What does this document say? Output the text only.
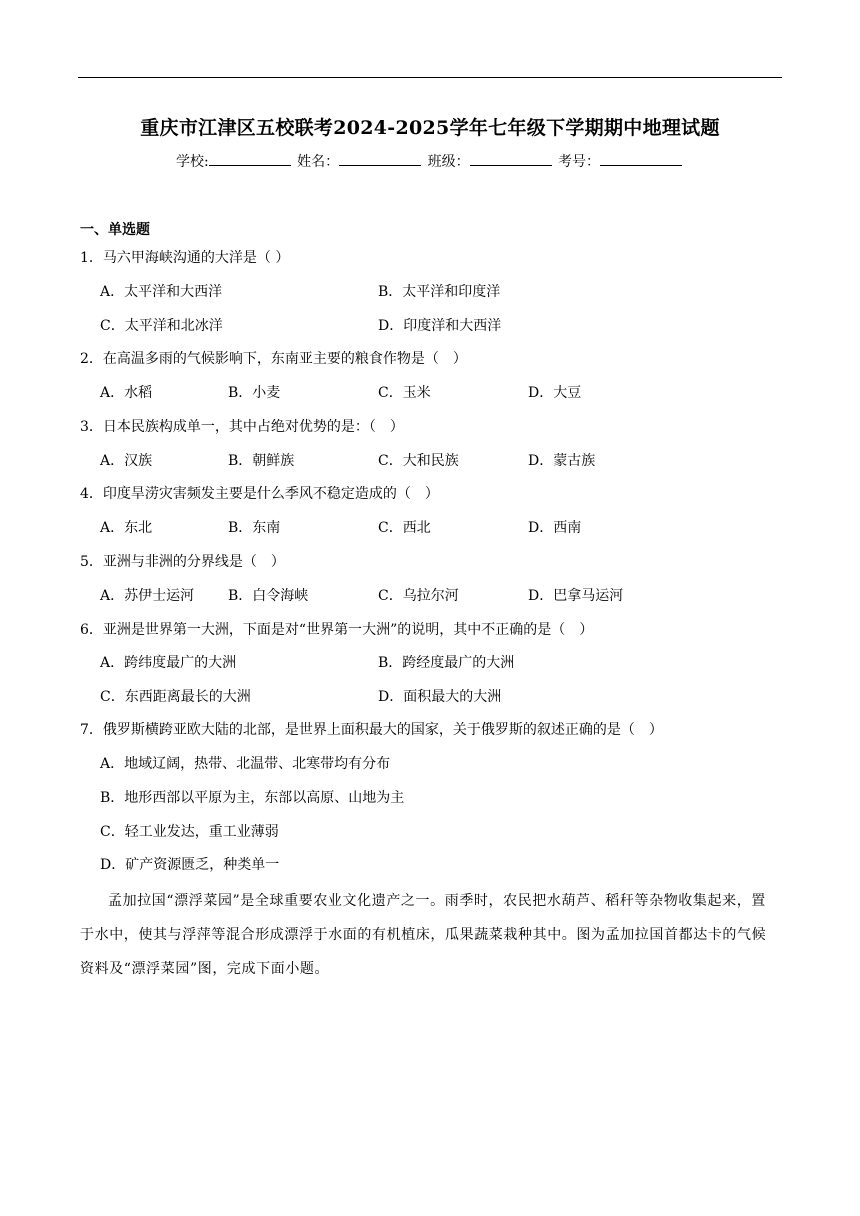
重庆市江津区五校联考2024-2025学年七年级下学期期中地理试题
学校:	姓名：	班级：	考号：
一、单选题
1．马六甲海峡沟通的大洋是（ ）
A．太平洋和大西洋	B．太平洋和印度洋
C．太平洋和北冰洋	D．印度洋和大西洋
2．在高温多雨的气候影响下，东南亚主要的粮食作物是（　）
A．水稻	B．小麦	C．玉米	D．大豆
3．日本民族构成单一，其中占绝对优势的是：（　）
A．汉族	B．朝鲜族	C．大和民族	D．蒙古族
4．印度旱涝灾害频发主要是什么季风不稳定造成的（　）
A．东北	B．东南	C．西北	D．西南
5．亚洲与非洲的分界线是（　）
A．苏伊士运河 B．白令海峡	C．乌拉尔河	D．巴拿马运河
6．亚洲是世界第一大洲，下面是对“世界第一大洲”的说明，其中不正确的是（　）
A．跨纬度最广的大洲	B．跨经度最广的大洲
C．东西距离最长的大洲	D．面积最大的大洲
7．俄罗斯横跨亚欧大陆的北部，是世界上面积最大的国家，关于俄罗斯的叙述正确的是（　）
A．地域辽阔，热带、北温带、北寒带均有分布
B．地形西部以平原为主，东部以高原、山地为主
C．轻工业发达，重工业薄弱
D．矿产资源匮乏，种类单一
孟加拉国“漂浮菜园”是全球重要农业文化遗产之一。雨季时，农民把水葫芦、稻秆等杂物收集起来，置于水中，使其与浮萍等混合形成漂浮于水面的有机植床，瓜果蔬菜栽种其中。图为孟加拉国首都达卡的气候资料及“漂浮菜园”图，完成下面小题。
